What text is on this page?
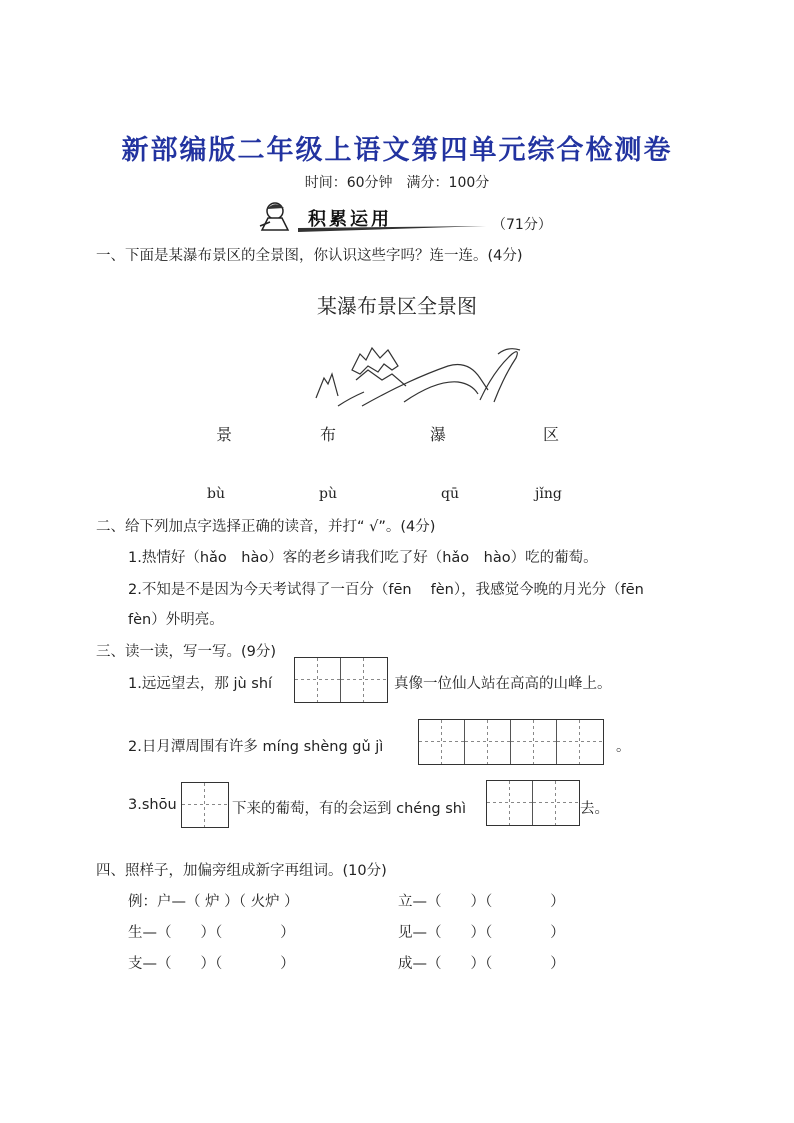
新部编版二年级上语文第四单元综合检测卷
时间：60分钟　满分：100分
积累运用	（71分）
一、下面是某瀑布景区的全景图，你认识这些字吗？连一连。(4分)
某瀑布景区全景图
景	布	瀑	区
bù	pù	qū	jǐng
二、给下列加点字选择正确的读音，并打“ √”。(4分)
1.热情好（hǎo　hào）客的老乡请我们吃了好（hǎo　hào）吃的葡萄。
2.不知是不是因为今天考试得了一百分（fēn　 fèn），我感觉今晚的月光分（fēn
fèn）外明亮。
三、读一读，写一写。(9分)
1.远远望去，那 jù shí	真像一位仙人站在高高的山峰上。
2.日月潭周围有许多 míng shèng gǔ jì	。
3.shōu	下来的葡萄，有的会运到 chéng shì	去。
四、照样子，加偏旁组成新字再组词。(10分)
例：户—（ 炉 ）（ 火炉 ）	立—（　　）（　　　　）
生—（　　）（　　　　）	见—（　　）（　　　　）
支—（　　）（　　　　）	成—（　　）（　　　　）
